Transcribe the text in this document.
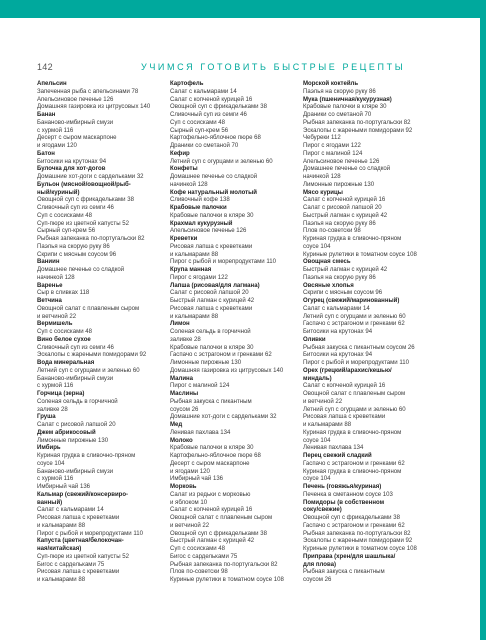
142	УЧИМСЯ ГОТОВИТЬ БЫСТРЫЕ РЕЦЕПТЫ
Апельсин
Запеченная рыба с апельсинами 78
Апельсиновое печенье 126
Домашняя газировка из цитрусовых 140
Банан
Бананово-имбирный смузи
с хурмой 116
Десерт с сыром маскарпоне
и ягодами 120
Батон
Битосики на крутонах 94
Булочка для хот-догов
Домашние хот-доги с сардельками 32
Бульон (мясной/овощной/рыб-
ный/куриный)
Овощной суп с фрикадельками 38
Сливочный суп из семги 46
Суп с сосисками 48
Суп-пюре из цветной капусты 52
Сырный суп-крем 56
Рыбная запеканка по-португальски 82
Паэлья на скорую руку 86
Скрипи с мясным соусом 96
Ваниин
Домашнее печенье со сладкой
начинкой 128
Варенье
Сыр в сливках 118
Ветчина
Овощной салат с плавленым сыром
и ветчиной 22
Вермишель
Суп с сосисками 48
Вино белое сухое
Сливочный суп из семги 46
Эскалопы с жареными помидорами 92
Вода минеральная
Летний суп с огурцами и зеленью 60
Бананово-имбирный смузи
с хурмой 116
Горчица (зерна)
Соленая сельдь в горчичной
заливке 28
Груша
Салат с рисовой лапшой 20
Джем абрикосовый
Лимонные пирожные 130
Имбирь
Куриная грудка в сливочно-пряном
соусе 104
Бананово-имбирный смузи
с хурмой 116
Имбирный чай 136
Кальмар (свежий/консервиро-
ванный)
Салат с кальмарами 14
Рисовая лапша с креветками
и кальмарами 88
Пирог с рыбой и морепродуктами 110
Капуста (цветная/белокочан-
ная/китайская)
Суп-пюре из цветной капусты 52
Бигос с сардельками 75
Рисовая лапша с креветками
и кальмарами 88
Картофель
Салат с кальмарами 14
Салат с копченой курицей 16
Овощной суп с фрикадельками 38
Сливочный суп из семги 46
Суп с сосисками 48
Сырный суп-крем 56
Картофельно-яблочное пюре 68
Драники со сметаной 70
Кефир
Летний суп с огурцами и зеленью 60
Конфеты
Домашнее печенье со сладкой
начинкой 128
Кофе натуральный молотый
Сливочный кофе 138
Крабовые палочки
Крабовые палочки в кляре 30
Крахмал кукурузный
Апельсиновое печенье 126
Креветки
Рисовая лапша с креветками
и кальмарами 88
Пирог с рыбой и морепродуктами 110
Крупа манная
Пирог с ягодами 122
Лапша (рисовая/для лагмана)
Салат с рисовой лапшой 20
Быстрый лагман с курицей 42
Рисовая лапша с креветками
и кальмарами 88
Лимон
Соленая сельдь в горчичной
заливке 28
Крабовые палочки в кляре 30
Гаспачо с эстрагоном и гренками 62
Лимонные пирожные 130
Домашняя газировка из цитрусовых 140
Малина
Пирог с малиной 124
Маслины
Рыбная закуска с пикантным
соусом 26
Домашние хот-доги с сардельками 32
Мед
Ленивая пахлава 134
Молоко
Крабовые палочки в кляре 30
Картофельно-яблочное пюре 68
Десерт с сыром маскарпоне
и ягодами 120
Имбирный чай 136
Морковь
Салат из редьки с морковью
и яблоком 10
Салат с копченой курицей 16
Овощной салат с плавленым сыром
и ветчиной 22
Овощной суп с фрикадельками 38
Быстрый лагман с курицей 42
Суп с сосисками 48
Бигос с сардельками 75
Рыбная запеканка по-португальски 82
Плов по-советски 98
Куриные рулетики в томатном соусе 108
Морской коктейль
Паэлья на скорую руку 86
Мука (пшеничная/кукурузная)
Крабовые палочки в кляре 30
Драники со сметаной 70
Рыбная запеканка по-португальски 82
Эскалопы с жареными помидорами 92
Чебуреки 112
Пирог с ягодами 122
Пирог с малиной 124
Апельсиновое печенье 126
Домашнее печенье со сладкой
начинкой 128
Лимонные пирожные 130
Мясо курицы
Салат с копченой курицей 16
Салат с рисовой лапшой 20
Быстрый лагман с курицей 42
Паэлья на скорую руку 86
Плов по-советски 98
Куриная грудка в сливочно-пряном
соусе 104
Куриные рулетики в томатном соусе 108
Овощная смесь
Быстрый лагман с курицей 42
Паэлья на скорую руку 86
Овсяные хлопья
Скрипи с мясным соусом 96
Огурец (свежий/маринованный)
Салат с кальмарами 14
Летний суп с огурцами и зеленью 60
Гаспачо с эстрагоном и гренками 62
Битосики на крутонах 94
Оливки
Рыбная закуска с пикантным соусом 26
Битосики на крутонах 94
Пирог с рыбой и морепродуктами 110
Орех (грецкий/арахис/кешью/
миндаль)
Салат с копченой курицей 16
Овощной салат с плавленым сыром
и ветчиной 22
Летний суп с огурцами и зеленью 60
Рисовая лапша с креветками
и кальмарами 88
Куриная грудка в сливочно-пряном
соусе 104
Ленивая пахлава 134
Перец свежий сладкий
Гаспачо с эстрагоном и гренками 62
Куриная грудка в сливочно-пряном
соусе 104
Печень (говяжья/куриная)
Печенка в сметанном соусе 103
Помидоры (в собственном
соку/свежие)
Овощной суп с фрикадельками 38
Гаспачо с эстрагоном и гренками 62
Рыбная запеканка по-португальски 82
Эскалопы с жареными помидорами 92
Куриные рулетики в томатном соусе 108
Приправа (хрен/для шашлыка/
для плова)
Рыбная закуска с пикантным
соусом 26
